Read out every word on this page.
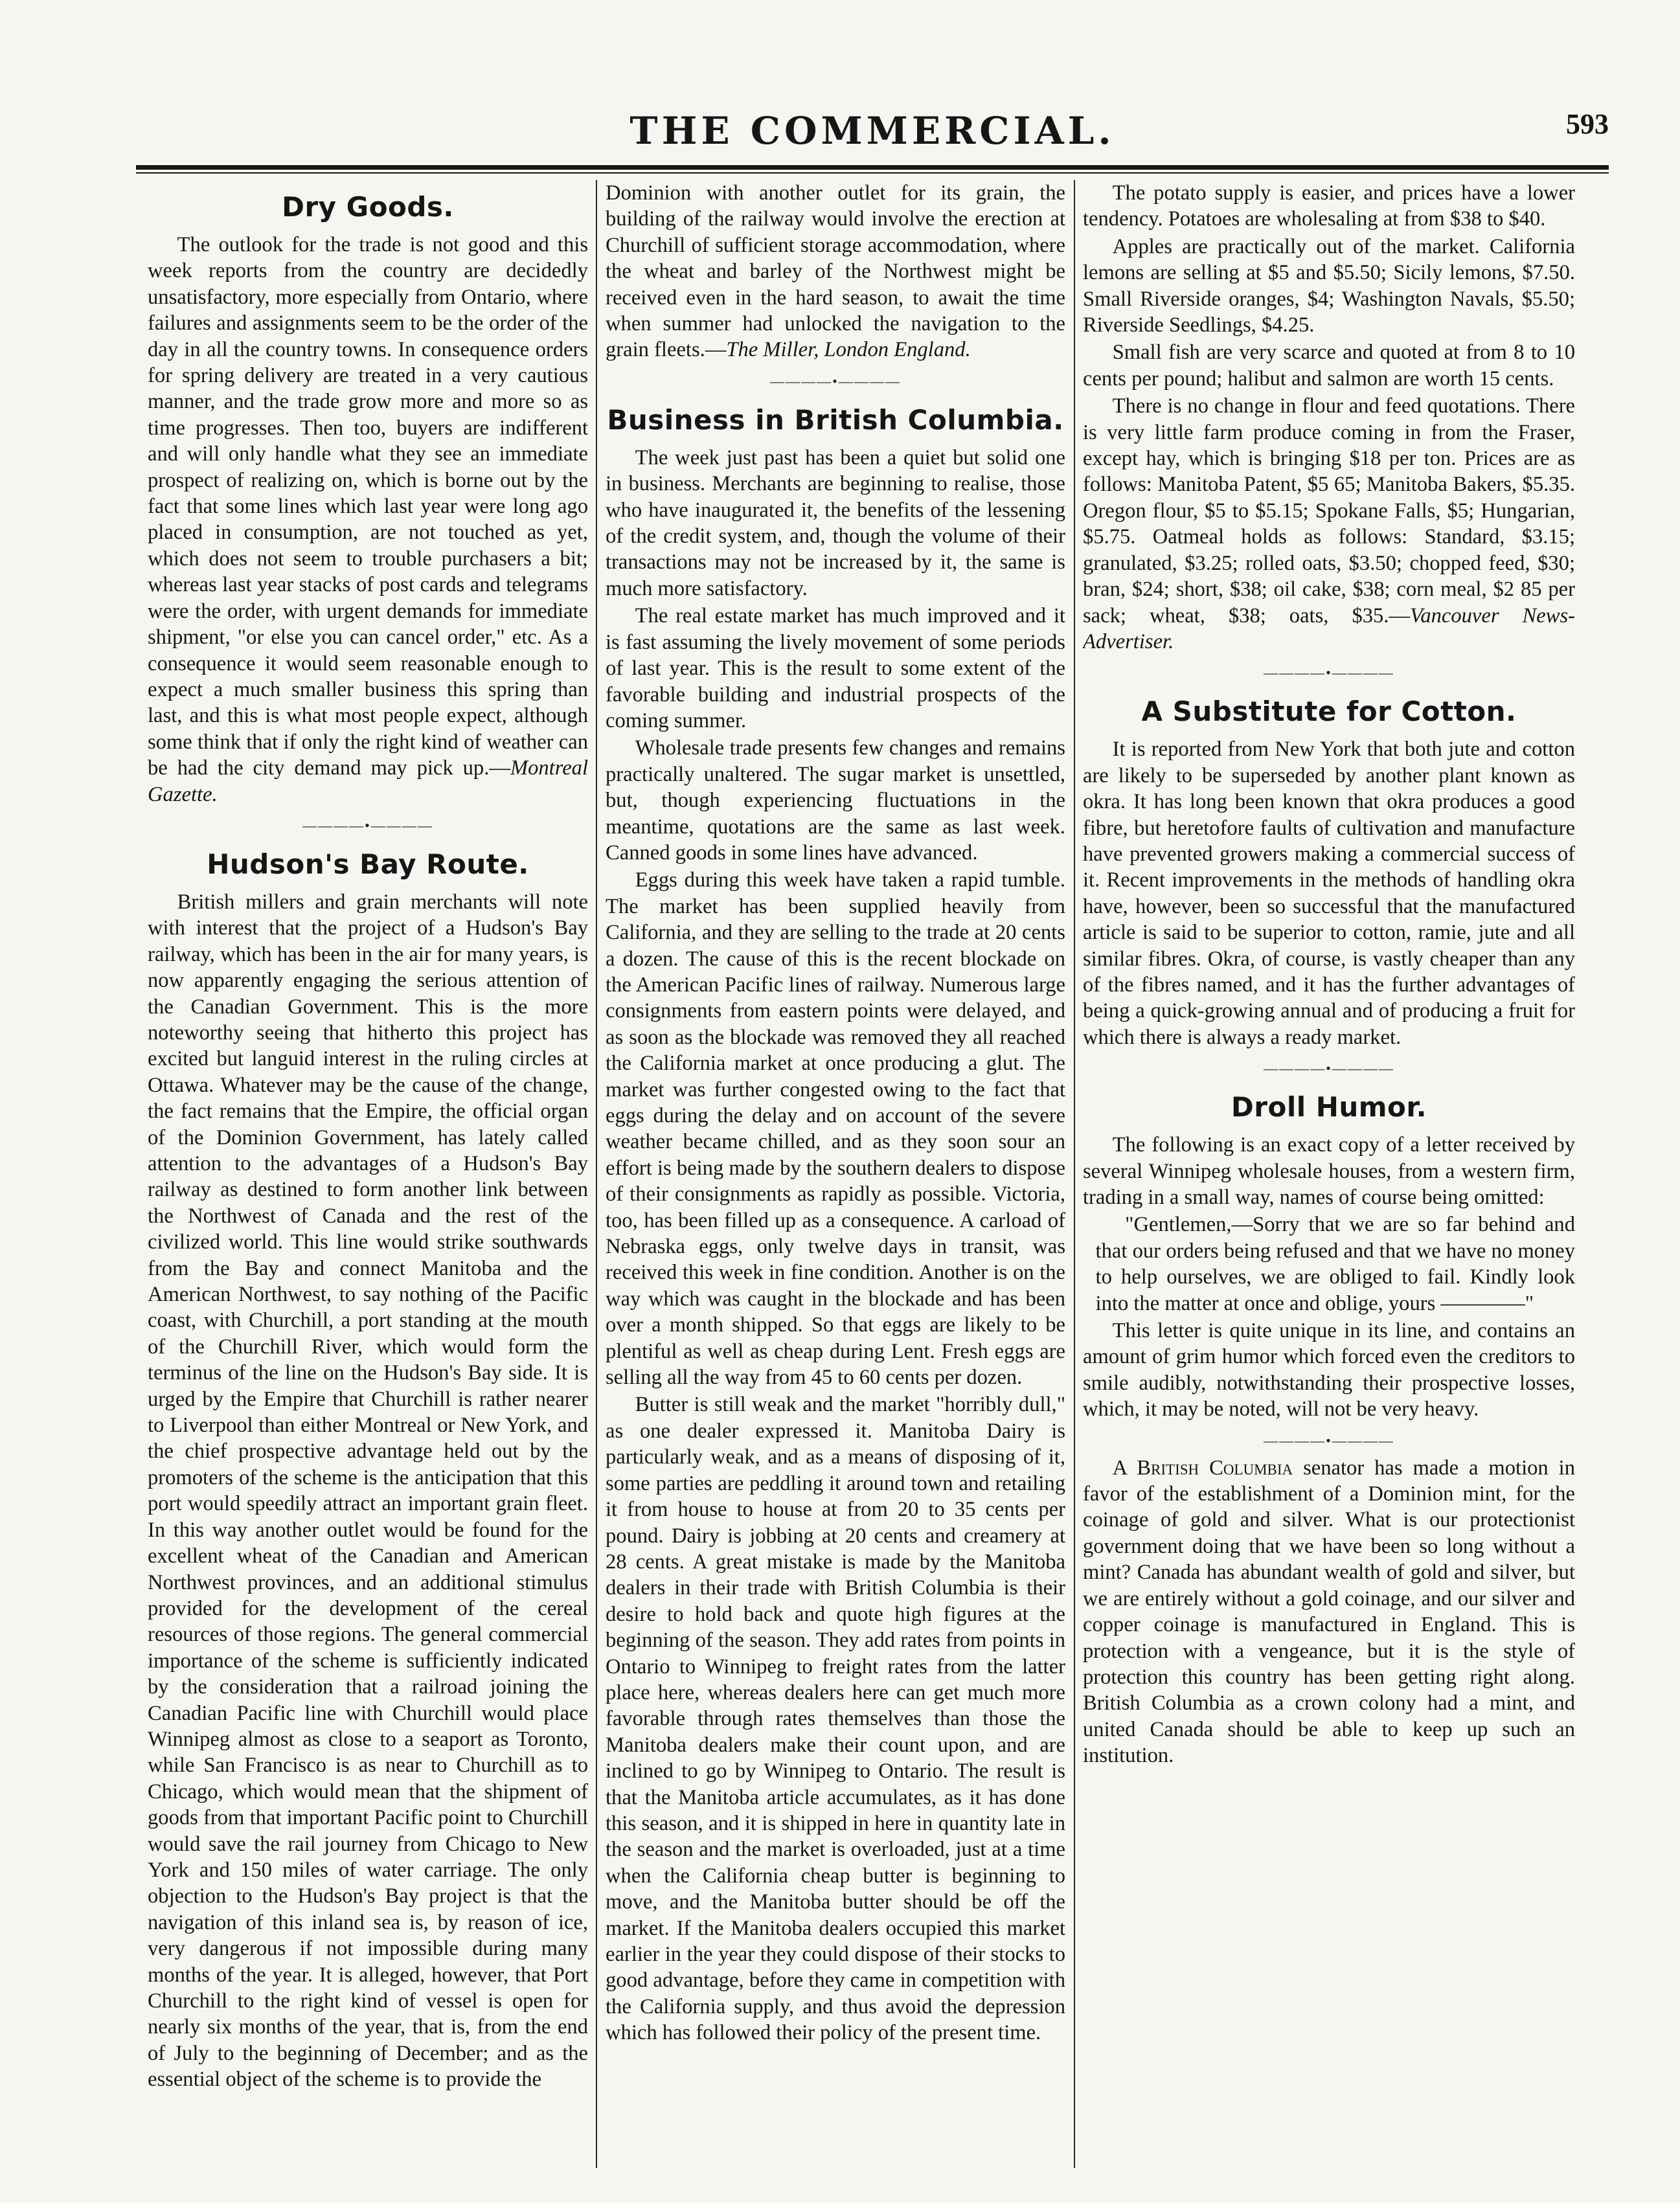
THE COMMERCIAL.	593
Dry Goods.

The outlook for the trade is not good and this week reports from the country are decidedly unsatisfactory, more especially from Ontario, where failures and assignments seem to be the order of the day in all the country towns. In consequence orders for spring delivery are treated in a very cautious manner, and the trade grow more and more so as time progresses. Then too, buyers are indifferent and will only handle what they see an immediate prospect of realizing on, which is borne out by the fact that some lines which last year were long ago placed in consumption, are not touched as yet, which does not seem to trouble purchasers a bit; whereas last year stacks of post cards and telegrams were the order, with urgent demands for immediate shipment, "or else you can cancel order," etc. As a consequence it would seem reasonable enough to expect a much smaller business this spring than last, and this is what most people expect, although some think that if only the right kind of weather can be had the city demand may pick up.—Montreal Gazette.

————•————
Hudson's Bay Route.

British millers and grain merchants will note with interest that the project of a Hudson's Bay railway, which has been in the air for many years, is now apparently engaging the serious attention of the Canadian Government. This is the more noteworthy seeing that hitherto this project has excited but languid interest in the ruling circles at Ottawa. Whatever may be the cause of the change, the fact remains that the Empire, the official organ of the Dominion Government, has lately called attention to the advantages of a Hudson's Bay railway as destined to form another link between the Northwest of Canada and the rest of the civilized world. This line would strike southwards from the Bay and connect Manitoba and the American Northwest, to say nothing of the Pacific coast, with Churchill, a port standing at the mouth of the Churchill River, which would form the terminus of the line on the Hudson's Bay side. It is urged by the Empire that Churchill is rather nearer to Liverpool than either Montreal or New York, and the chief prospective advantage held out by the promoters of the scheme is the anticipation that this port would speedily attract an important grain fleet. In this way another outlet would be found for the excellent wheat of the Canadian and American Northwest provinces, and an additional stimulus provided for the development of the cereal resources of those regions. The general commercial importance of the scheme is sufficiently indicated by the consideration that a railroad joining the Canadian Pacific line with Churchill would place Winnipeg almost as close to a seaport as Toronto, while San Francisco is as near to Churchill as to Chicago, which would mean that the shipment of goods from that important Pacific point to Churchill would save the rail journey from Chicago to New York and 150 miles of water carriage. The only objection to the Hudson's Bay project is that the navigation of this inland sea is, by reason of ice, very dangerous if not impossible during many months of the year. It is alleged, however, that Port Churchill to the right kind of vessel is open for nearly six months of the year, that is, from the end of July to the beginning of December; and as the essential object of the scheme is to provide the

Dominion with another outlet for its grain, the building of the railway would involve the erection at Churchill of sufficient storage accommodation, where the wheat and barley of the Northwest might be received even in the hard season, to await the time when summer had unlocked the navigation to the grain fleets.—The Miller, London England.

————•————
Business in British Columbia.

The week just past has been a quiet but solid one in business. Merchants are beginning to realise, those who have inaugurated it, the benefits of the lessening of the credit system, and, though the volume of their transactions may not be increased by it, the same is much more satisfactory.

The real estate market has much improved and it is fast assuming the lively movement of some periods of last year. This is the result to some extent of the favorable building and industrial prospects of the coming summer.

Wholesale trade presents few changes and remains practically unaltered. The sugar market is unsettled, but, though experiencing fluctuations in the meantime, quotations are the same as last week. Canned goods in some lines have advanced.

Eggs during this week have taken a rapid tumble. The market has been supplied heavily from California, and they are selling to the trade at 20 cents a dozen. The cause of this is the recent blockade on the American Pacific lines of railway. Numerous large consignments from eastern points were delayed, and as soon as the blockade was removed they all reached the California market at once producing a glut. The market was further congested owing to the fact that eggs during the delay and on account of the severe weather became chilled, and as they soon sour an effort is being made by the southern dealers to dispose of their consignments as rapidly as possible. Victoria, too, has been filled up as a consequence. A carload of Nebraska eggs, only twelve days in transit, was received this week in fine condition. Another is on the way which was caught in the blockade and has been over a month shipped. So that eggs are likely to be plentiful as well as cheap during Lent. Fresh eggs are selling all the way from 45 to 60 cents per dozen.

Butter is still weak and the market "horribly dull," as one dealer expressed it. Manitoba Dairy is particularly weak, and as a means of disposing of it, some parties are peddling it around town and retailing it from house to house at from 20 to 35 cents per pound. Dairy is jobbing at 20 cents and creamery at 28 cents. A great mistake is made by the Manitoba dealers in their trade with British Columbia is their desire to hold back and quote high figures at the beginning of the season. They add rates from points in Ontario to Winnipeg to freight rates from the latter place here, whereas dealers here can get much more favorable through rates themselves than those the Manitoba dealers make their count upon, and are inclined to go by Winnipeg to Ontario. The result is that the Manitoba article accumulates, as it has done this season, and it is shipped in here in quantity late in the season and the market is overloaded, just at a time when the California cheap butter is beginning to move, and the Manitoba butter should be off the market. If the Manitoba dealers occupied this market earlier in the year they could dispose of their stocks to good advantage, before they came in competition with the California supply, and thus avoid the depression which has followed their policy of the present time.

The potato supply is easier, and prices have a lower tendency. Potatoes are wholesaling at from $38 to $40.

Apples are practically out of the market. California lemons are selling at $5 and $5.50; Sicily lemons, $7.50. Small Riverside oranges, $4; Washington Navals, $5.50; Riverside Seedlings, $4.25.

Small fish are very scarce and quoted at from 8 to 10 cents per pound; halibut and salmon are worth 15 cents.

There is no change in flour and feed quotations. There is very little farm produce coming in from the Fraser, except hay, which is bringing $18 per ton. Prices are as follows: Manitoba Patent, $5 65; Manitoba Bakers, $5.35. Oregon flour, $5 to $5.15; Spokane Falls, $5; Hungarian, $5.75. Oatmeal holds as follows: Standard, $3.15; granulated, $3.25; rolled oats, $3.50; chopped feed, $30; bran, $24; short, $38; oil cake, $38; corn meal, $2 85 per sack; wheat, $38; oats, $35.—Vancouver News-Advertiser.

————•————
A Substitute for Cotton.

It is reported from New York that both jute and cotton are likely to be superseded by another plant known as okra. It has long been known that okra produces a good fibre, but heretofore faults of cultivation and manufacture have prevented growers making a commercial success of it. Recent improvements in the methods of handling okra have, however, been so successful that the manufactured article is said to be superior to cotton, ramie, jute and all similar fibres. Okra, of course, is vastly cheaper than any of the fibres named, and it has the further advantages of being a quick-growing annual and of producing a fruit for which there is always a ready market.

————•————
Droll Humor.

The following is an exact copy of a letter received by several Winnipeg wholesale houses, from a western firm, trading in a small way, names of course being omitted:

"Gentlemen,—Sorry that we are so far behind and that our orders being refused and that we have no money to help ourselves, we are obliged to fail. Kindly look into the matter at once and oblige, yours ————"

This letter is quite unique in its line, and contains an amount of grim humor which forced even the creditors to smile audibly, notwithstanding their prospective losses, which, it may be noted, will not be very heavy.

————•————

A British Columbia senator has made a motion in favor of the establishment of a Dominion mint, for the coinage of gold and silver. What is our protectionist government doing that we have been so long without a mint? Canada has abundant wealth of gold and silver, but we are entirely without a gold coinage, and our silver and copper coinage is manufactured in England. This is protection with a vengeance, but it is the style of protection this country has been getting right along. British Columbia as a crown colony had a mint, and united Canada should be able to keep up such an institution.
